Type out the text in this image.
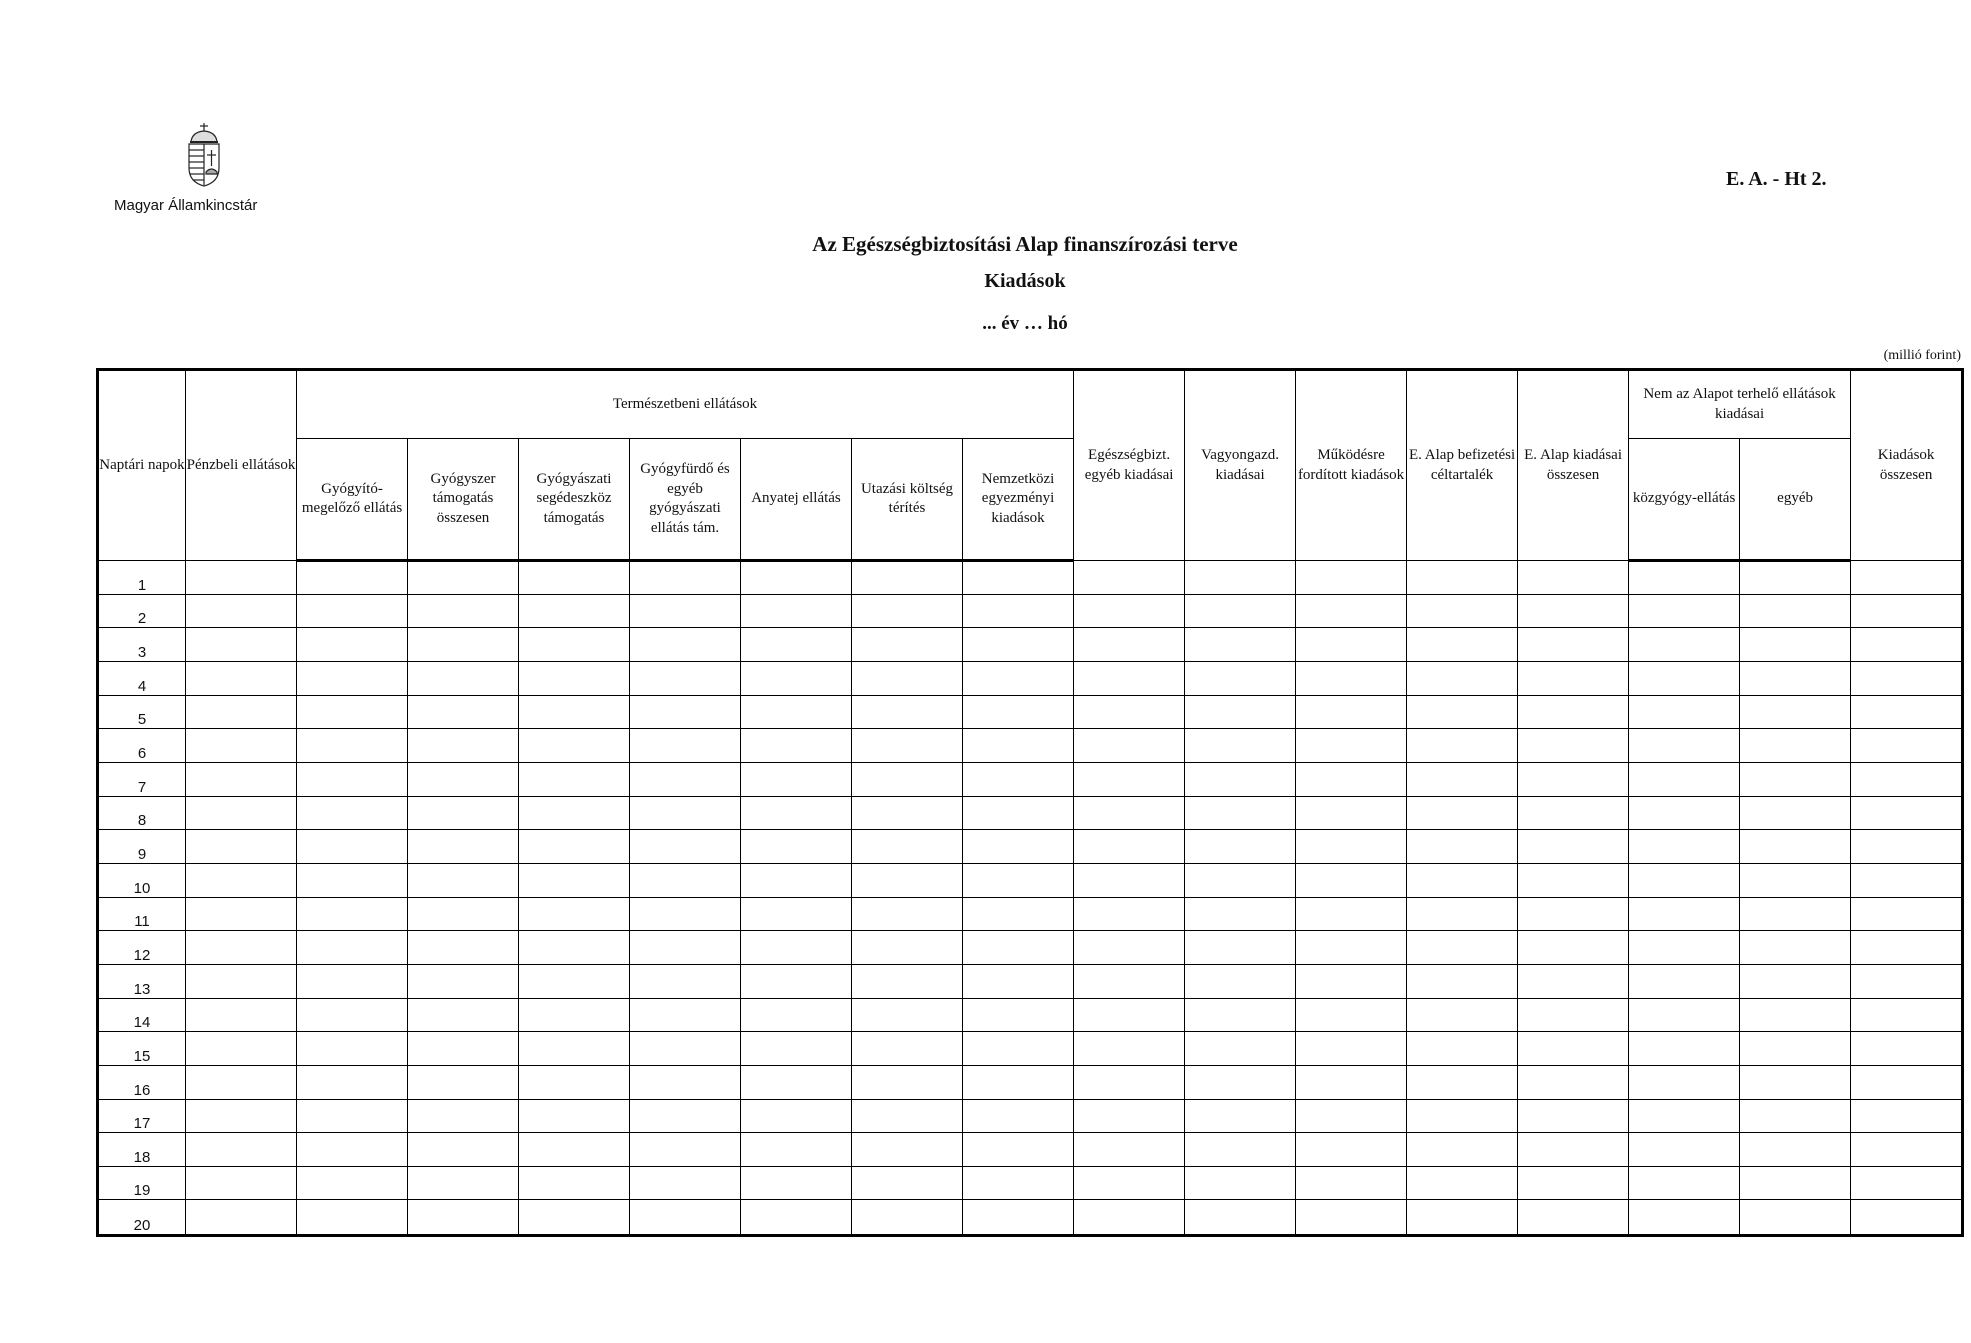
Magyar Államkincstár
E. A. - Ht 2.
Az Egészségbiztosítási Alap finanszírozási terve
Kiadások
... év … hó
(millió forint)
Naptári napok	Pénzbeli ellátások	Természetbeni ellátások							Egészségbizt. egyéb kiadásai	Vagyongazd. kiadásai	Működésre fordított kiadások	E. Alap befizetési céltartalék	E. Alap kiadásai összesen	Nem az Alapot terhelő ellátások kiadásai		Kiadások összesen
		Gyógyító-megelőző ellátás	Gyógyszer támogatás összesen	Gyógyászati segédeszköz támogatás	Gyógyfürdő és egyéb gyógyászati ellátás tám.	Anyatej ellátás	Utazási költség térítés	Nemzetközi egyezményi kiadások						közgyógy-ellátás	egyéb	
1																
2																
3																
4																
5																
6																
7																
8																
9																
10																
11																
12																
13																
14																
15																
16																
17																
18																
19																
20																
